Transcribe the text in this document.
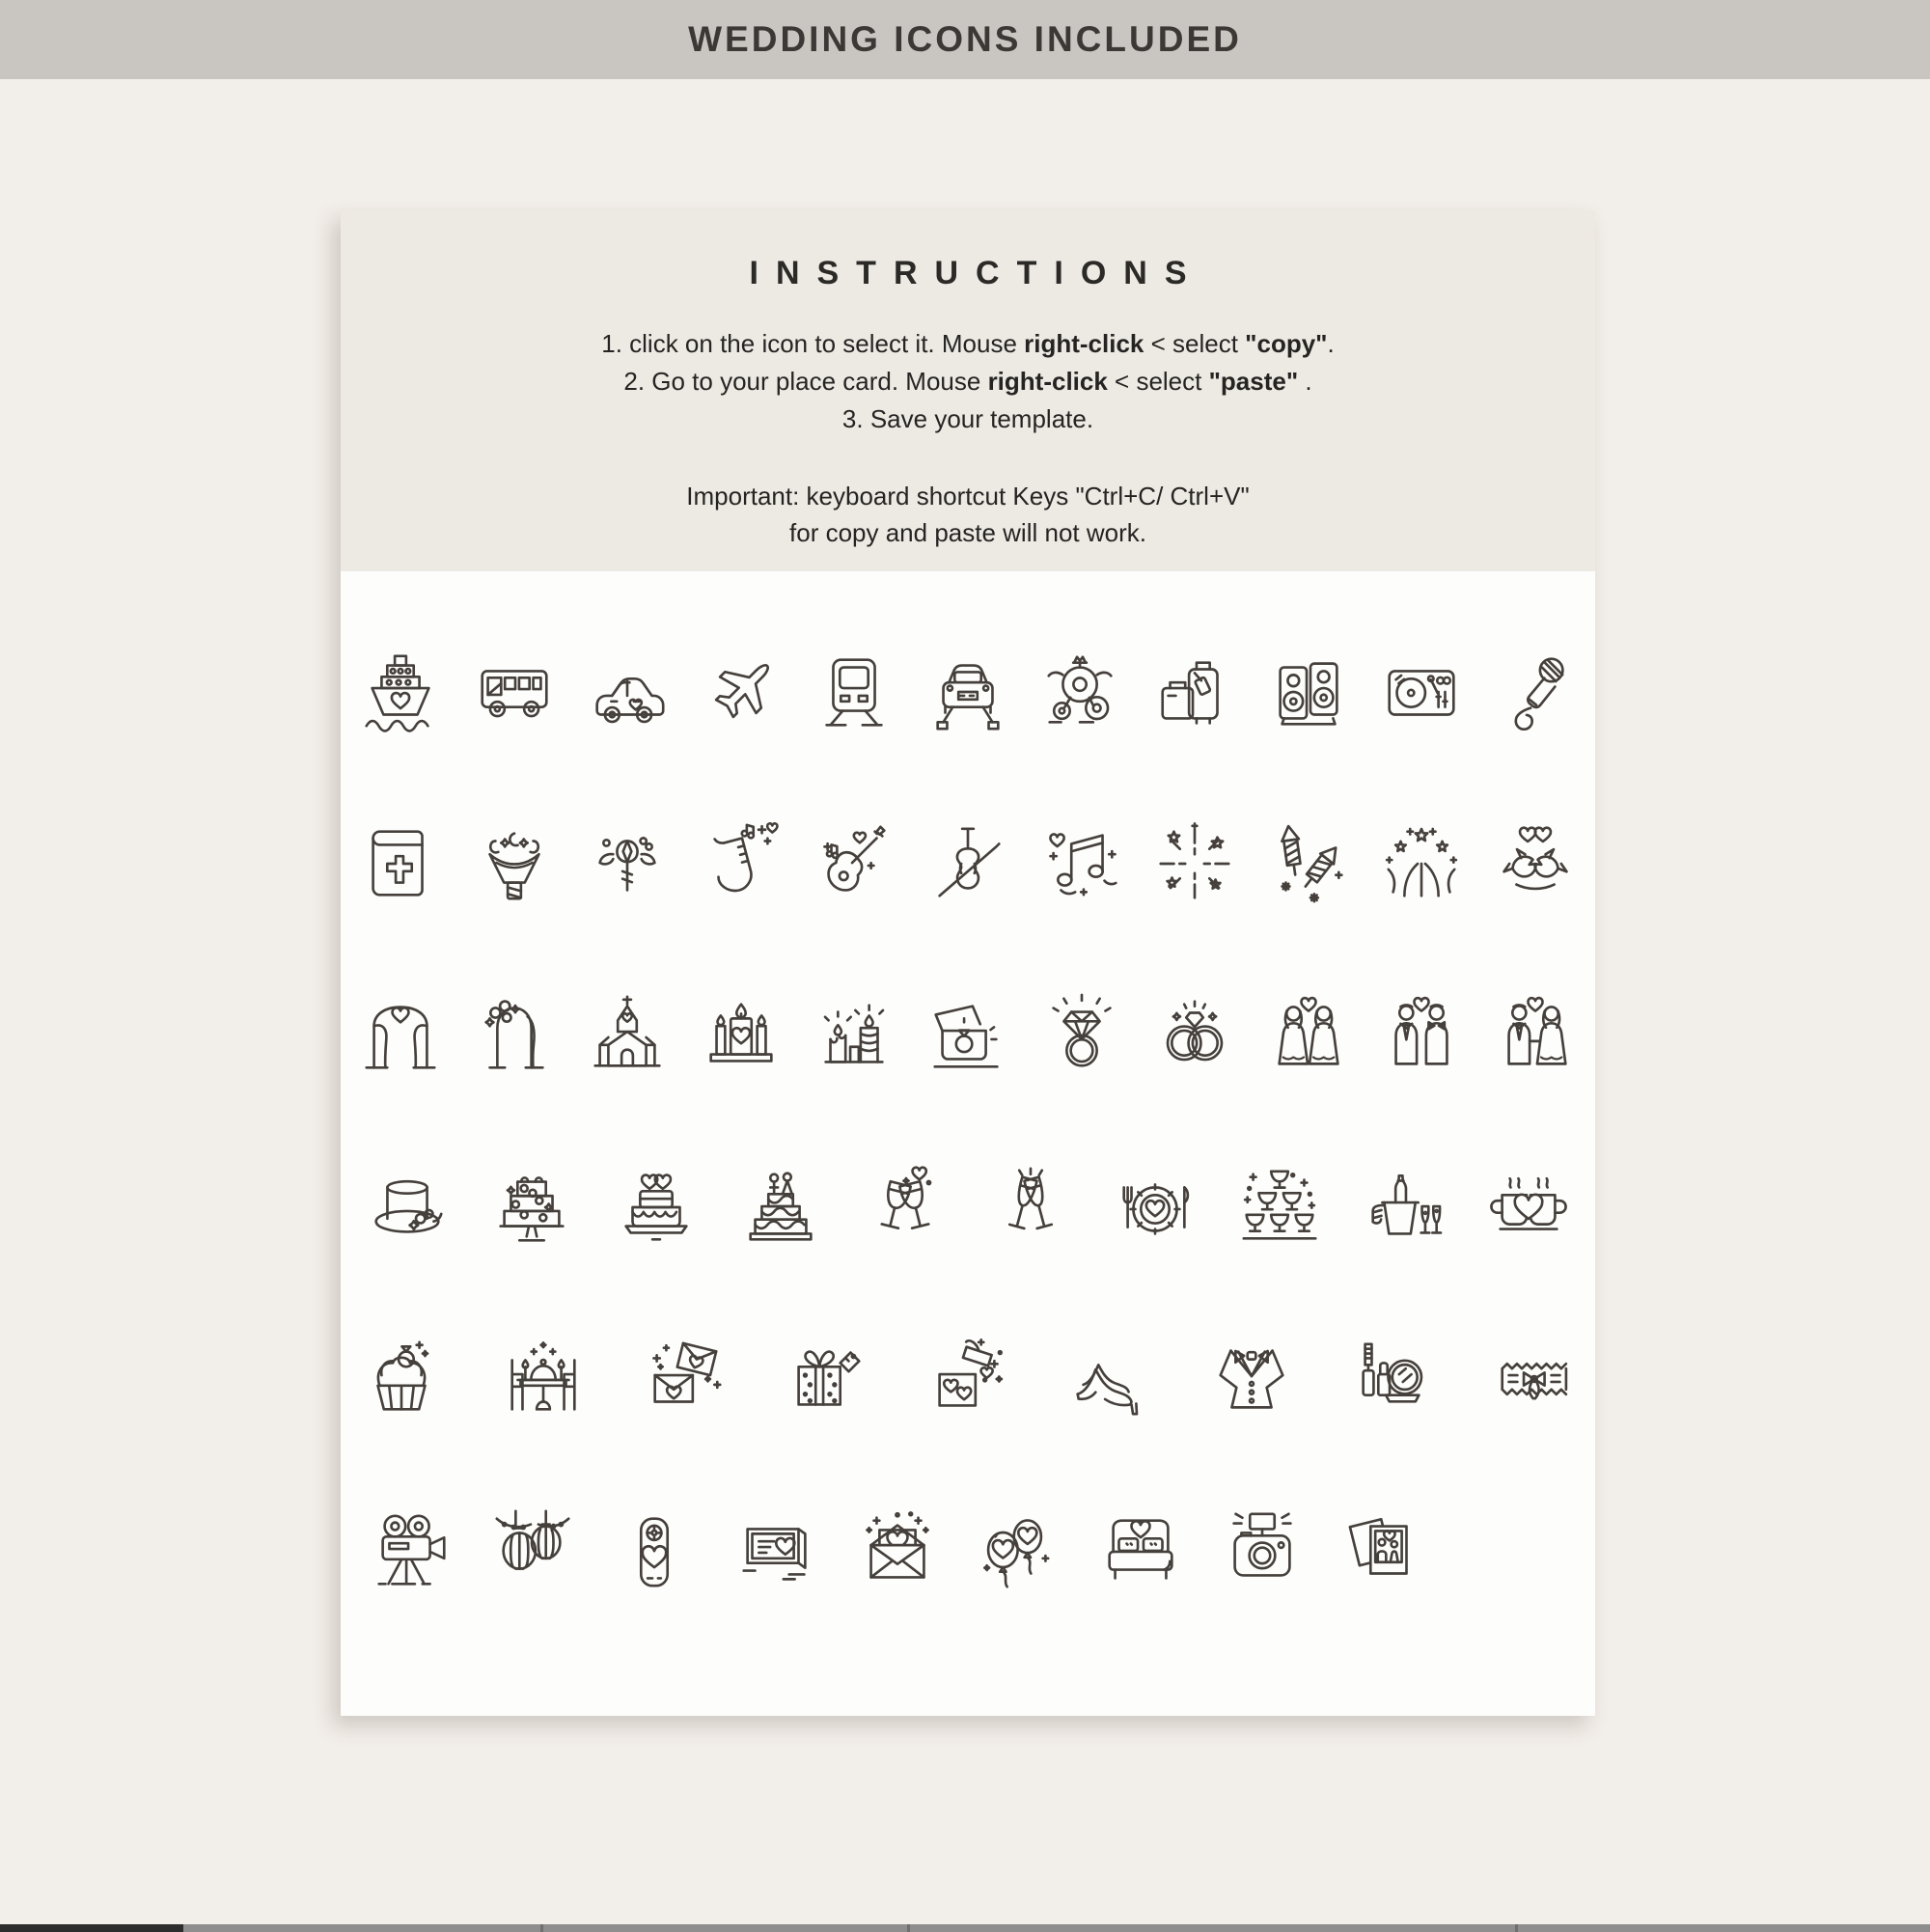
WEDDING ICONS INCLUDED
INSTRUCTIONS
1. click on the icon to select it. Mouse right-click < select "copy".
2. Go to your place card. Mouse right-click < select "paste" .
3. Save your template.
Important: keyboard shortcut Keys "Ctrl+C/ Ctrl+V"
for copy and paste will not work.
